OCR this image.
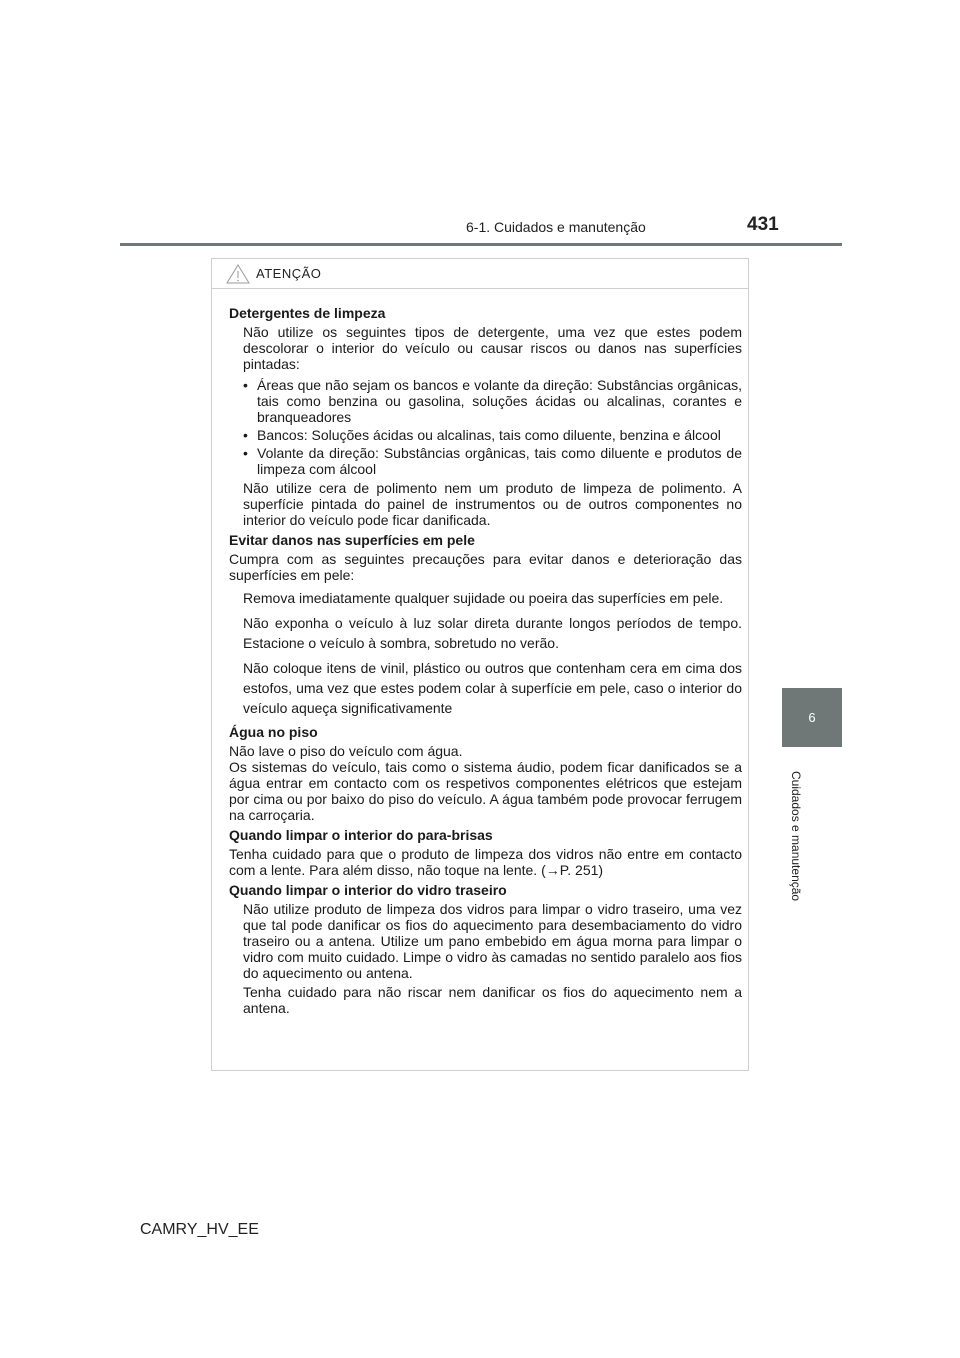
6-1. Cuidados e manutenção	431
6
Cuidados e manutenção
ATENÇÃO
Detergentes de limpeza
Não utilize os seguintes tipos de detergente, uma vez que estes podem descolorar o interior do veículo ou causar riscos ou danos nas superfícies pintadas:
• Áreas que não sejam os bancos e volante da direção: Substâncias orgânicas, tais como benzina ou gasolina, soluções ácidas ou alcalinas, corantes e branqueadores
• Bancos: Soluções ácidas ou alcalinas, tais como diluente, benzina e álcool
• Volante da direção: Substâncias orgânicas, tais como diluente e produtos de limpeza com álcool
Não utilize cera de polimento nem um produto de limpeza de polimento. A superfície pintada do painel de instrumentos ou de outros componentes no interior do veículo pode ficar danificada.
Evitar danos nas superfícies em pele
Cumpra com as seguintes precauções para evitar danos e deterioração das superfícies em pele:
Remova imediatamente qualquer sujidade ou poeira das superfícies em pele.
Não exponha o veículo à luz solar direta durante longos períodos de tempo. Estacione o veículo à sombra, sobretudo no verão.
Não coloque itens de vinil, plástico ou outros que contenham cera em cima dos estofos, uma vez que estes podem colar à superfície em pele, caso o interior do veículo aqueça significativamente
Água no piso
Não lave o piso do veículo com água.
Os sistemas do veículo, tais como o sistema áudio, podem ficar danificados se a água entrar em contacto com os respetivos componentes elétricos que estejam por cima ou por baixo do piso do veículo. A água também pode provocar ferrugem na carroçaria.
Quando limpar o interior do para-brisas
Tenha cuidado para que o produto de limpeza dos vidros não entre em contacto com a lente. Para além disso, não toque na lente. (→P. 251)
Quando limpar o interior do vidro traseiro
Não utilize produto de limpeza dos vidros para limpar o vidro traseiro, uma vez que tal pode danificar os fios do aquecimento para desembaciamento do vidro traseiro ou a antena. Utilize um pano embebido em água morna para limpar o vidro com muito cuidado. Limpe o vidro às camadas no sentido paralelo aos fios do aquecimento ou antena.
Tenha cuidado para não riscar nem danificar os fios do aquecimento nem a antena.
CAMRY_HV_EE
